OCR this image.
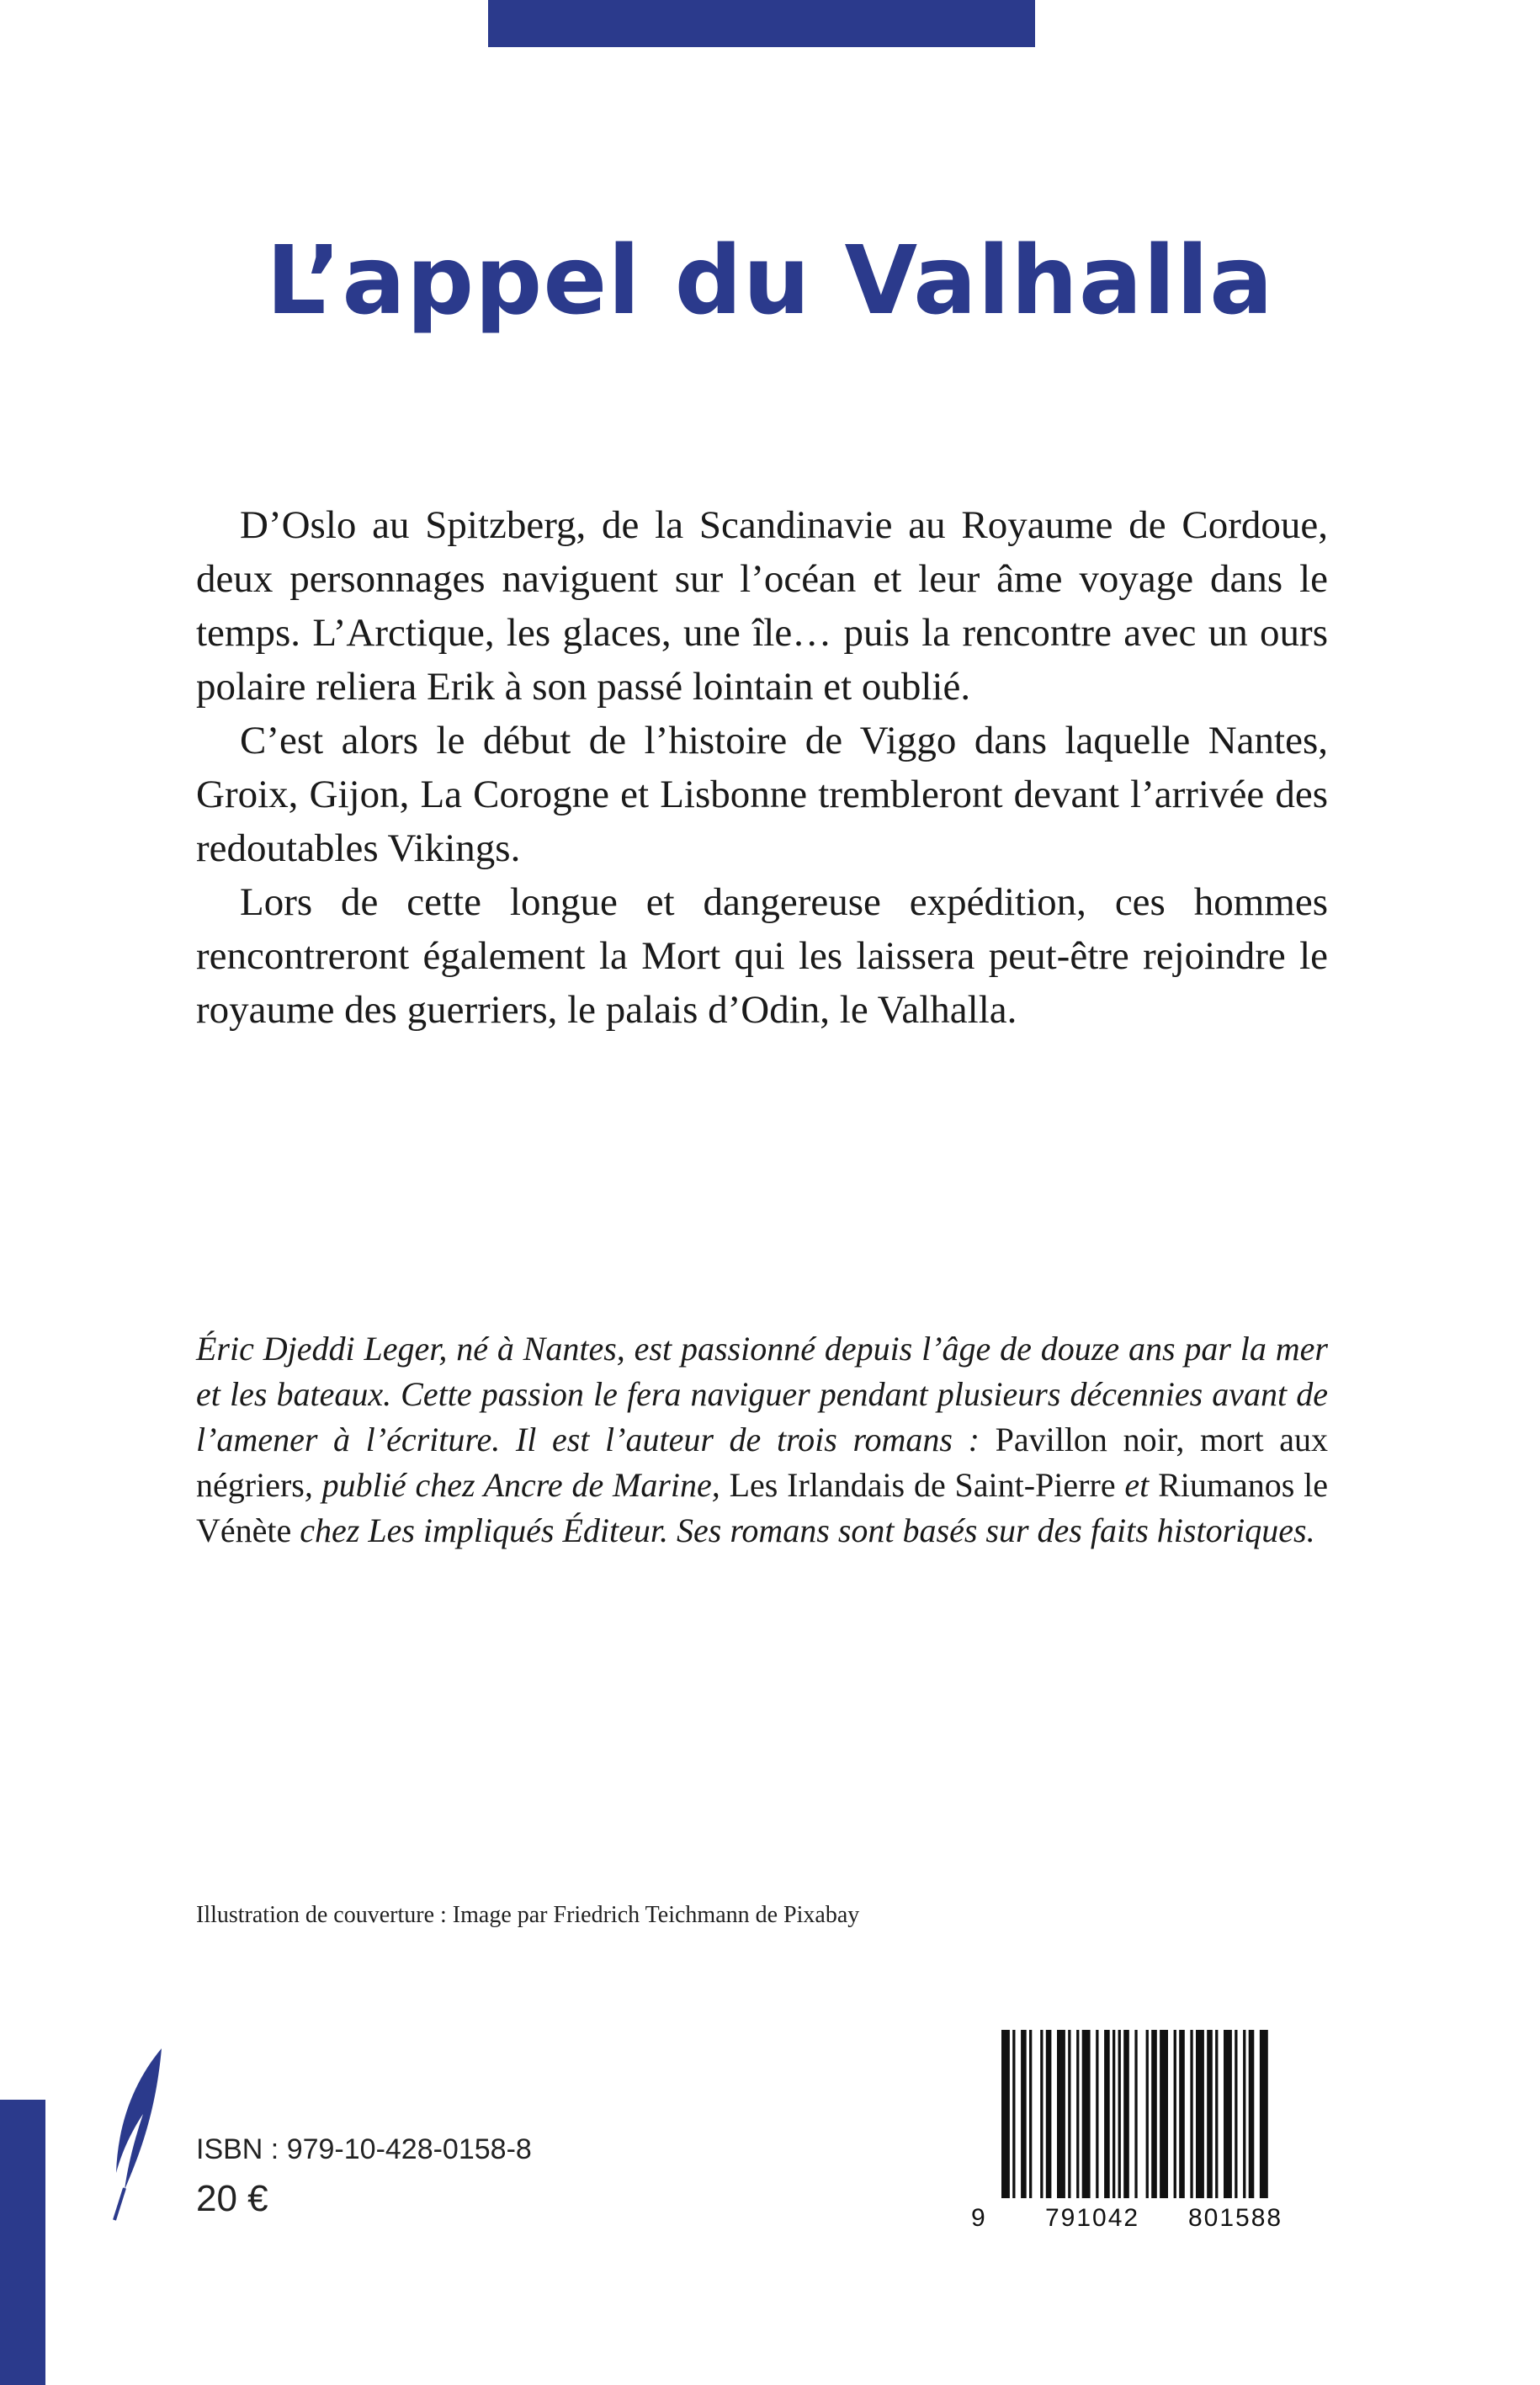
L’appel du Valhalla

D’Oslo au Spitzberg, de la Scandinavie au Royaume de Cordoue, deux personnages naviguent sur l’océan et leur âme voyage dans le temps. L’Arctique, les glaces, une île… puis la rencontre avec un ours polaire reliera Erik à son passé lointain et oublié.

C’est alors le début de l’histoire de Viggo dans laquelle Nantes, Groix, Gijon, La Corogne et Lisbonne trembleront devant l’arrivée des redoutables Vikings.

Lors de cette longue et dangereuse expédition, ces hommes rencontreront également la Mort qui les laissera peut-être rejoindre le royaume des guerriers, le palais d’Odin, le Valhalla.

Éric Djeddi Leger, né à Nantes, est passionné depuis l’âge de douze ans par la mer et les bateaux. Cette passion le fera naviguer pendant plusieurs décennies avant de l’amener à l’écriture. Il est l’auteur de trois romans : Pavillon noir, mort aux négriers, publié chez Ancre de Marine, Les Irlandais de Saint-Pierre et Riumanos le Vénète chez Les impliqués Éditeur. Ses romans sont basés sur des faits historiques.
Illustration de couverture : Image par Friedrich Teichmann de Pixabay
ISBN : 979-10-428-0158-8
20 €	9 791042 801588
